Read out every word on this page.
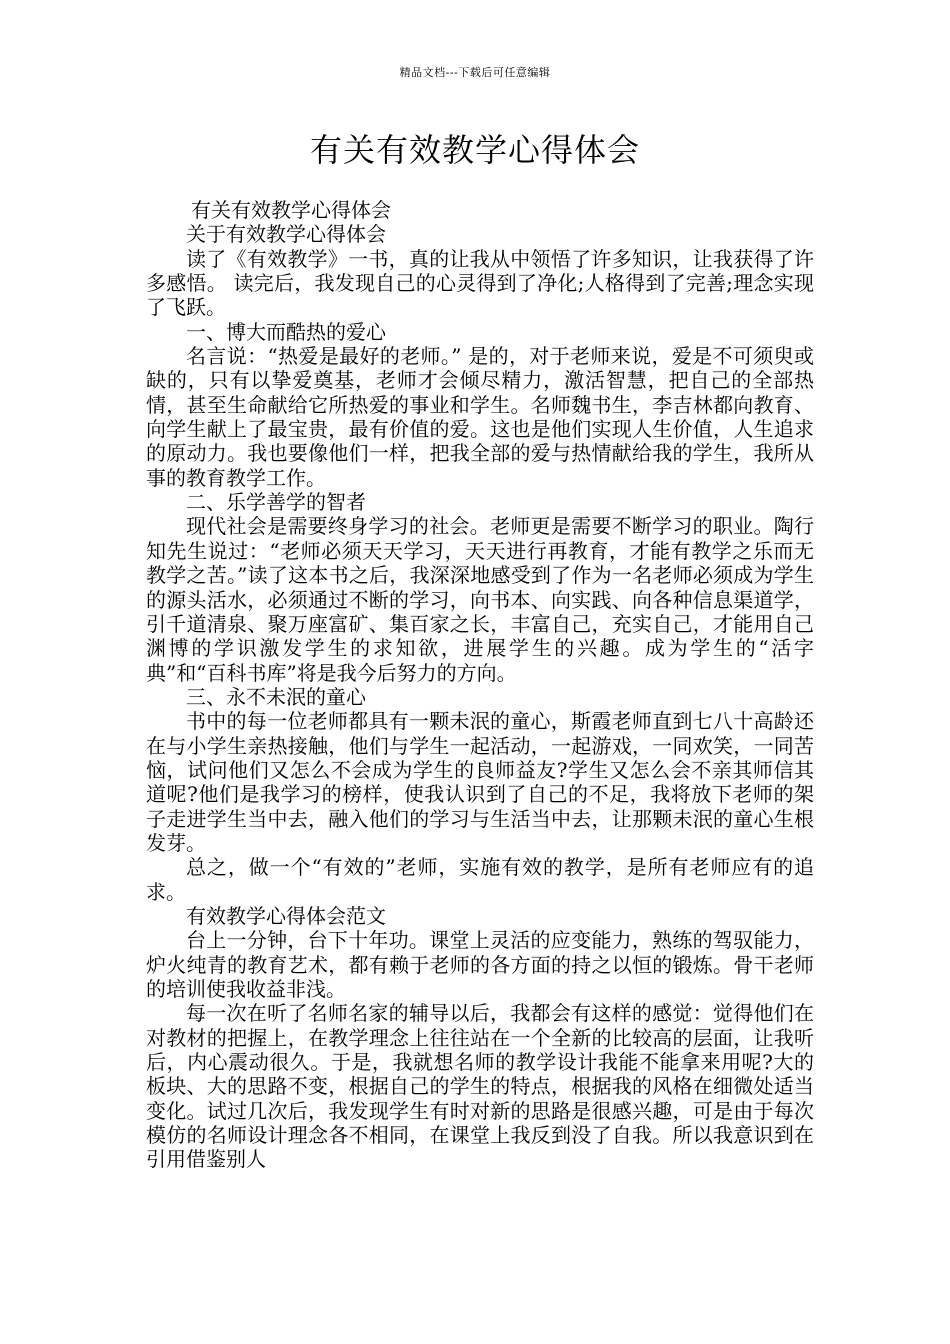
精品文档---下载后可任意编辑
有关有效教学心得体会

有关有效教学心得体会

关于有效教学心得体会

读了《有效教学》一书，真的让我从中领悟了许多知识，让我获得了许多感悟。 读完后，我发现自己的心灵得到了净化;人格得到了完善;理念实现了飞跃。

一、博大而酷热的爱心

名言说：“热爱是最好的老师。” 是的，对于老师来说，爱是不可须臾或缺的，只有以挚爱奠基，老师才会倾尽精力，激活智慧，把自己的全部热情，甚至生命献给它所热爱的事业和学生。名师魏书生，李吉林都向教育、向学生献上了最宝贵，最有价值的爱。这也是他们实现人生价值，人生追求的原动力。我也要像他们一样，把我全部的爱与热情献给我的学生，我所从事的教育教学工作。

二、乐学善学的智者

现代社会是需要终身学习的社会。老师更是需要不断学习的职业。陶行知先生说过：“老师必须天天学习，天天进行再教育，才能有教学之乐而无教学之苦。”读了这本书之后，我深深地感受到了作为一名老师必须成为学生的源头活水，必须通过不断的学习，向书本、向实践、向各种信息渠道学，引千道清泉、聚万座富矿、集百家之长，丰富自己，充实自己，才能用自己渊博的学识激发学生的求知欲，进展学生的兴趣。成为学生的“活字典”和“百科书库”将是我今后努力的方向。

三、永不未泯的童心

书中的每一位老师都具有一颗未泯的童心，斯霞老师直到七八十高龄还在与小学生亲热接触，他们与学生一起活动，一起游戏，一同欢笑，一同苦恼，试问他们又怎么不会成为学生的良师益友?学生又怎么会不亲其师信其道呢?他们是我学习的榜样，使我认识到了自己的不足，我将放下老师的架子走进学生当中去，融入他们的学习与生活当中去，让那颗未泯的童心生根发芽。

总之，做一个“有效的”老师，实施有效的教学，是所有老师应有的追求。

有效教学心得体会范文

台上一分钟，台下十年功。课堂上灵活的应变能力，熟练的驾驭能力，炉火纯青的教育艺术，都有赖于老师的各方面的持之以恒的锻炼。骨干老师的培训使我收益非浅。

每一次在听了名师名家的辅导以后，我都会有这样的感觉：觉得他们在对教材的把握上，在教学理念上往往站在一个全新的比较高的层面，让我听后，内心震动很久。于是，我就想名师的教学设计我能不能拿来用呢?大的板块、大的思路不变，根据自己的学生的特点，根据我的风格在细微处适当变化。试过几次后，我发现学生有时对新的思路是很感兴趣，可是由于每次模仿的名师设计理念各不相同，在课堂上我反到没了自我。所以我意识到在引用借鉴别人
